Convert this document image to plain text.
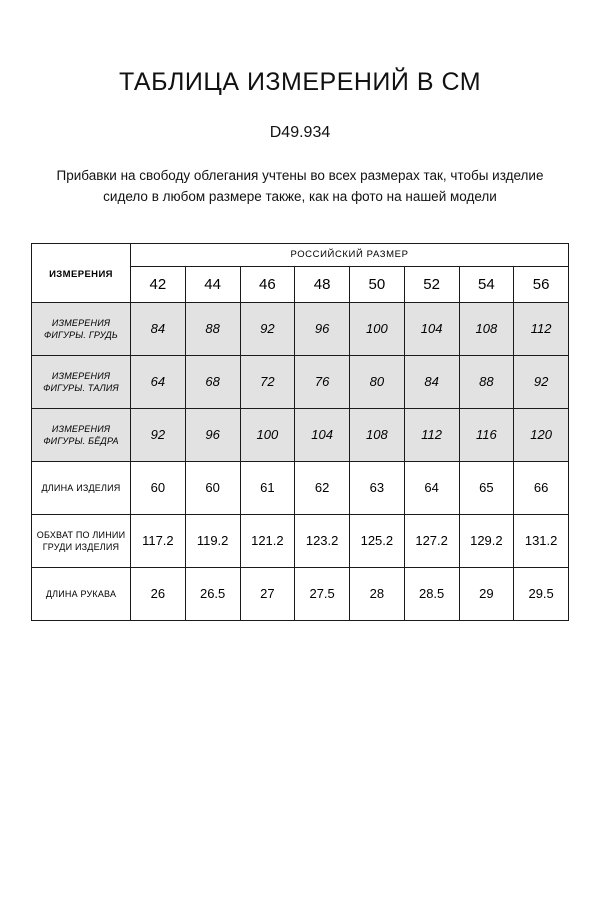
ТАБЛИЦА ИЗМЕРЕНИЙ В СМ
D49.934
Прибавки на свободу облегания учтены во всех размерах так, чтобы изделие сидело в любом размере также, как на фото на нашей модели
ИЗМЕРЕНИЯ	РОССИЙСКИЙ РАЗМЕР							
	42	44	46	48	50	52	54	56
ИЗМЕРЕНИЯ ФИГУРЫ. ГРУДЬ	84	88	92	96	100	104	108	112
ИЗМЕРЕНИЯ ФИГУРЫ. ТАЛИЯ	64	68	72	76	80	84	88	92
ИЗМЕРЕНИЯ ФИГУРЫ. БЁДРА	92	96	100	104	108	112	116	120
ДЛИНА ИЗДЕЛИЯ	60	60	61	62	63	64	65	66
ОБХВАТ ПО ЛИНИИ ГРУДИ ИЗДЕЛИЯ	117.2	119.2	121.2	123.2	125.2	127.2	129.2	131.2
ДЛИНА РУКАВА	26	26.5	27	27.5	28	28.5	29	29.5
